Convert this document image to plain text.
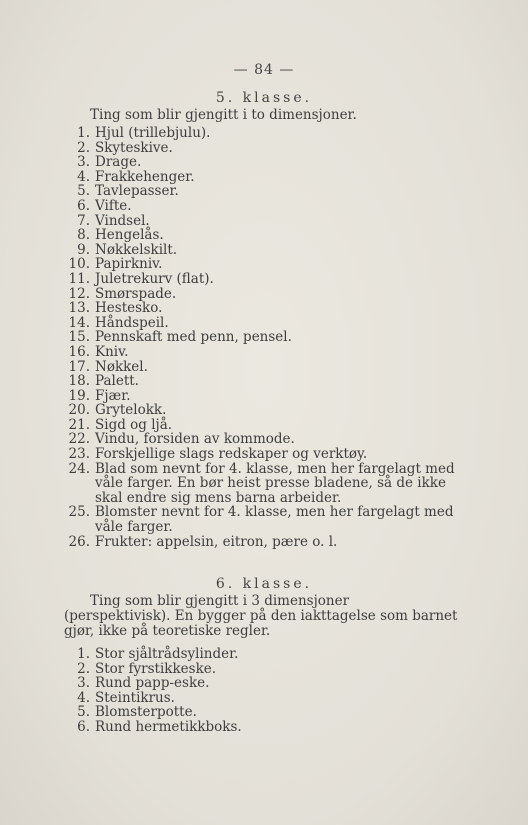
— 84 —
5. klasse.
Ting som blir gjengitt i to dimensjoner.
1. Hjul (trillebjulu).
2. Skyteskive.
3. Drage.
4. Frakkehenger.
5. Tavlepasser.
6. Vifte.
7. Vindsel.
8. Hengelås.
9. Nøkkelskilt.
10. Papirkniv.
11. Juletrekurv (flat).
12. Smørspade.
13. Hestesko.
14. Håndspeil.
15. Pennskaft med penn, pensel.
16. Kniv.
17. Nøkkel.
18. Palett.
19. Fjær.
20. Grytelokk.
21. Sigd og ljå.
22. Vindu, forsiden av kommode.
23. Forskjellige slags redskaper og verktøy.
24. Blad som nevnt for 4. klasse, men her fargelagt med våle farger. En bør heist presse bladene, så de ikke skal endre sig mens barna arbeider.
25. Blomster nevnt for 4. klasse, men her fargelagt med våle farger.
26. Frukter: appelsin, eitron, pære o. l.
6. klasse.
Ting som blir gjengitt i 3 dimensjoner (perspektivisk). En bygger på den iakttagelse som barnet gjør, ikke på teoretiske regler.
1. Stor sjåltrådsylinder.
2. Stor fyrstikkeske.
3. Rund papp-eske.
4. Steintikrus.
5. Blomsterpotte.
6. Rund hermetikkboks.
